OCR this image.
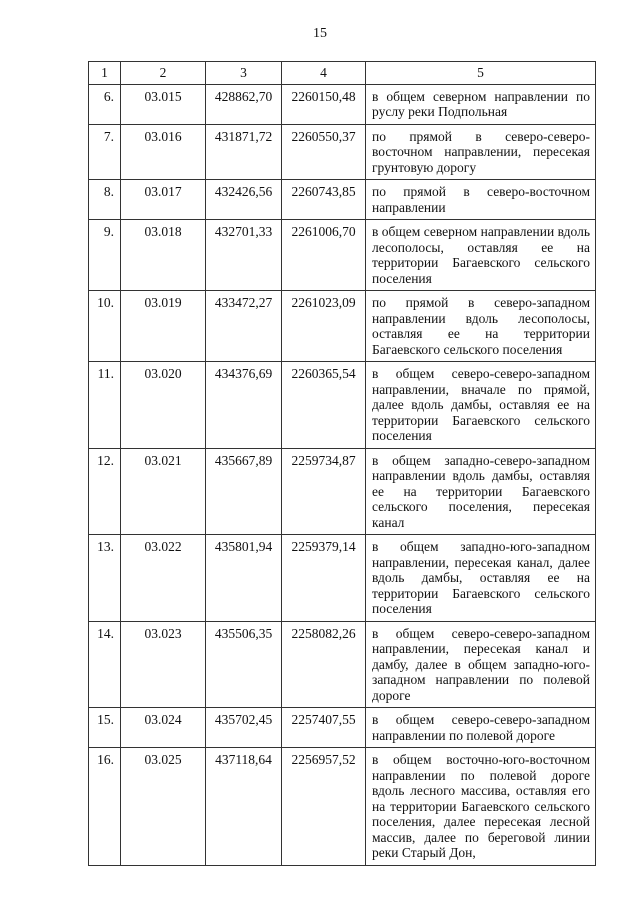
15
1	2	3	4	5
6.	03.015	428862,70	2260150,48	в общем северном направлении по руслу реки Подпольная
7.	03.016	431871,72	2260550,37	по прямой в северо-северо-восточном направлении, пересекая грунтовую дорогу
8.	03.017	432426,56	2260743,85	по прямой в северо-восточном направлении
9.	03.018	432701,33	2261006,70	в общем северном направлении вдоль лесополосы, оставляя ее на территории Багаевского сельского поселения
10.	03.019	433472,27	2261023,09	по прямой в северо-западном направлении вдоль лесополосы, оставляя ее на территории Багаевского сельского поселения
11.	03.020	434376,69	2260365,54	в общем северо-северо-западном направлении, вначале по прямой, далее вдоль дамбы, оставляя ее на территории Багаевского сельского поселения
12.	03.021	435667,89	2259734,87	в общем западно-северо-западном направлении вдоль дамбы, оставляя ее на территории Багаевского сельского поселения, пересекая канал
13.	03.022	435801,94	2259379,14	в общем западно-юго-западном направлении, пересекая канал, далее вдоль дамбы, оставляя ее на территории Багаевского сельского поселения
14.	03.023	435506,35	2258082,26	в общем северо-северо-западном направлении, пересекая канал и дамбу, далее в общем западно-юго-западном направлении по полевой дороге
15.	03.024	435702,45	2257407,55	в общем северо-северо-западном направлении по полевой дороге
16.	03.025	437118,64	2256957,52	в общем восточно-юго-восточном направлении по полевой дороге вдоль лесного массива, оставляя его на территории Багаевского сельского поселения, далее пересекая лесной массив, далее по береговой линии реки Старый Дон,
